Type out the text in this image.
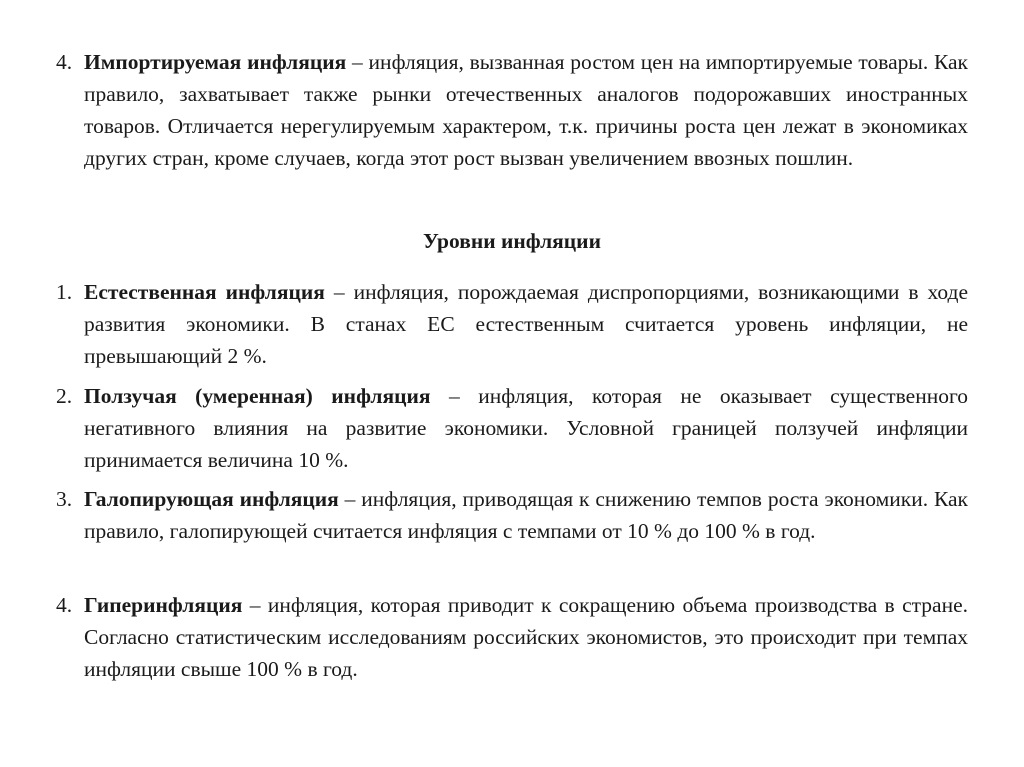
4. Импортируемая инфляция – инфляция, вызванная ростом цен на импортируемые товары. Как правило, захватывает также рынки отечественных аналогов подорожавших иностранных товаров. Отличается нерегулируемым характером, т.к. причины роста цен лежат в экономиках других стран, кроме случаев, когда этот рост вызван увеличением ввозных пошлин.
Уровни инфляции
1. Естественная инфляция – инфляция, порождаемая диспропорциями, возникающими в ходе развития экономики. В станах ЕС естественным считается уровень инфляции, не превышающий 2 %.
2. Ползучая (умеренная) инфляция – инфляция, которая не оказывает существенного негативного влияния на развитие экономики. Условной границей ползучей инфляции принимается величина 10 %.
3. Галопирующая инфляция – инфляция, приводящая к снижению темпов роста экономики. Как правило, галопирующей считается инфляция с темпами от 10 % до 100 % в год.
4. Гиперинфляция – инфляция, которая приводит к сокращению объема производства в стране. Согласно статистическим исследованиям российских экономистов, это происходит при темпах инфляции свыше 100 % в год.
